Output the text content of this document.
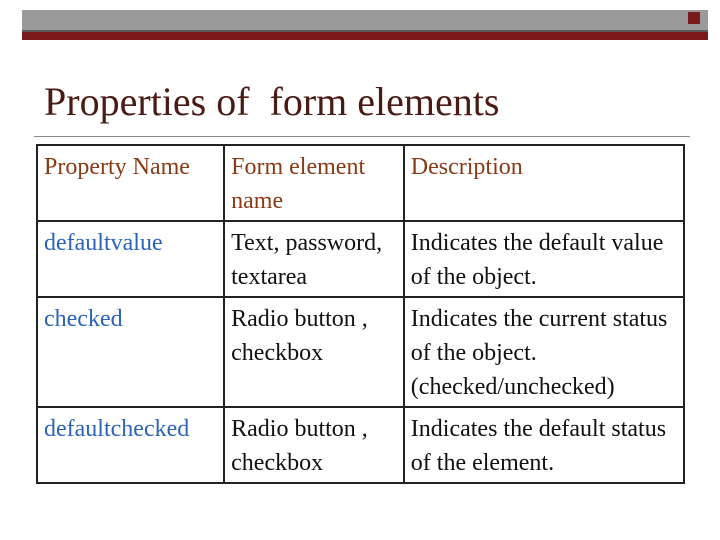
Properties of  form elements
Property Name	Form element name	Description
defaultvalue	Text, password, textarea	Indicates the default value of the object.
checked	Radio button , checkbox	Indicates the current status of the object. (checked/unchecked)
defaultchecked	Radio button , checkbox	Indicates the default status of the element.
